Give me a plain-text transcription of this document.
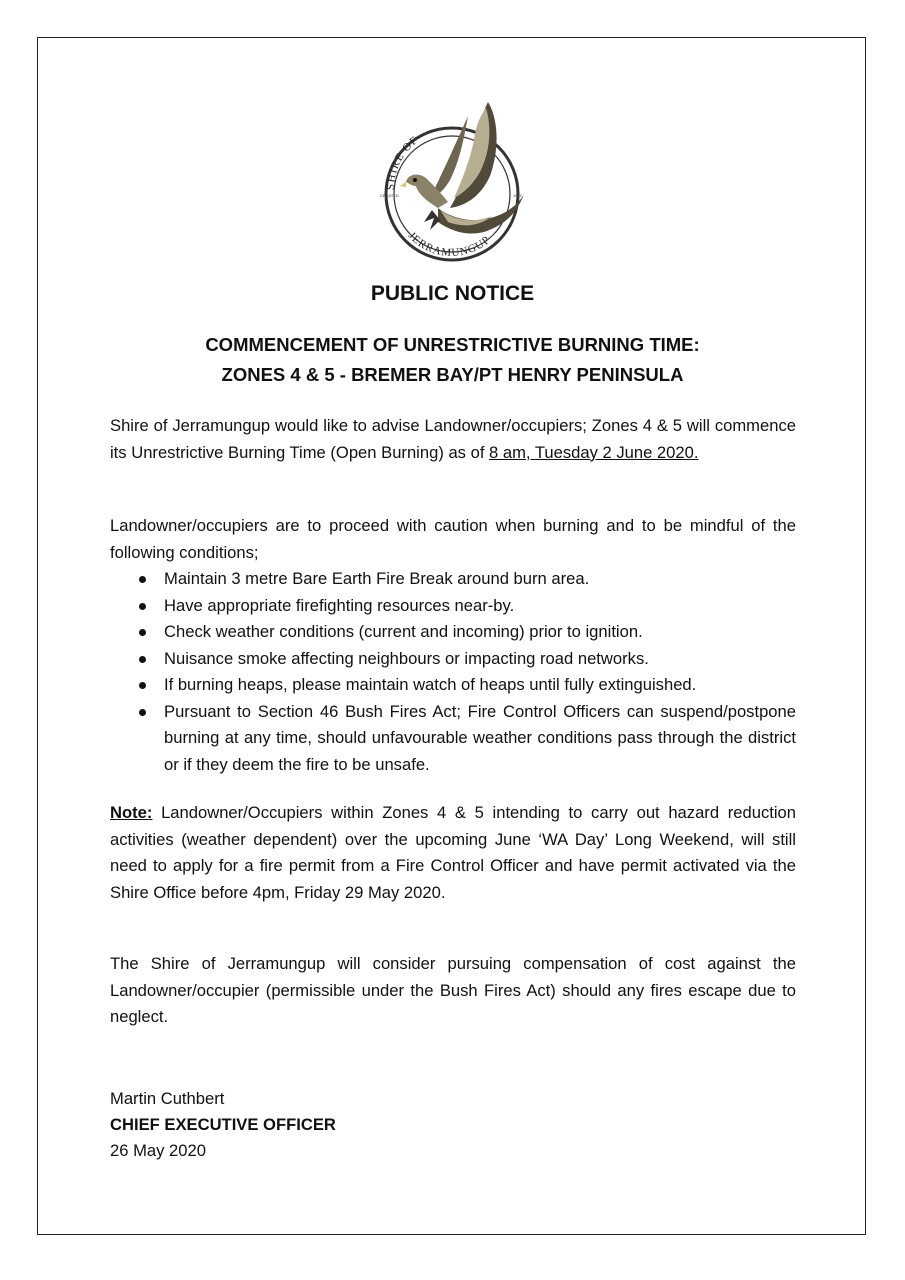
SHIRE OF
JERRAMUNGUP
CREATED	1982
PUBLIC NOTICE
COMMENCEMENT OF UNRESTRICTIVE BURNING TIME:
ZONES 4 & 5 - BREMER BAY/PT HENRY PENINSULA

Shire of Jerramungup would like to advise Landowner/occupiers; Zones 4 & 5 will commence its Unrestrictive Burning Time (Open Burning) as of 8 am, Tuesday 2 June 2020.

Landowner/occupiers are to proceed with caution when burning and to be mindful of the following conditions;

Maintain 3 metre Bare Earth Fire Break around burn area.
Have appropriate firefighting resources near-by.
Check weather conditions (current and incoming) prior to ignition.
Nuisance smoke affecting neighbours or impacting road networks.
If burning heaps, please maintain watch of heaps until fully extinguished.
Pursuant to Section 46 Bush Fires Act; Fire Control Officers can suspend/postpone burning at any time, should unfavourable weather conditions pass through the district or if they deem the fire to be unsafe.

Note: Landowner/Occupiers within Zones 4 & 5 intending to carry out hazard reduction activities (weather dependent) over the upcoming June ‘WA Day’ Long Weekend, will still need to apply for a fire permit from a Fire Control Officer and have permit activated via the Shire Office before 4pm, Friday 29 May 2020.

The Shire of Jerramungup will consider pursuing compensation of cost against the Landowner/occupier (permissible under the Bush Fires Act) should any fires escape due to neglect.

Martin Cuthbert

CHIEF EXECUTIVE OFFICER

26 May 2020
